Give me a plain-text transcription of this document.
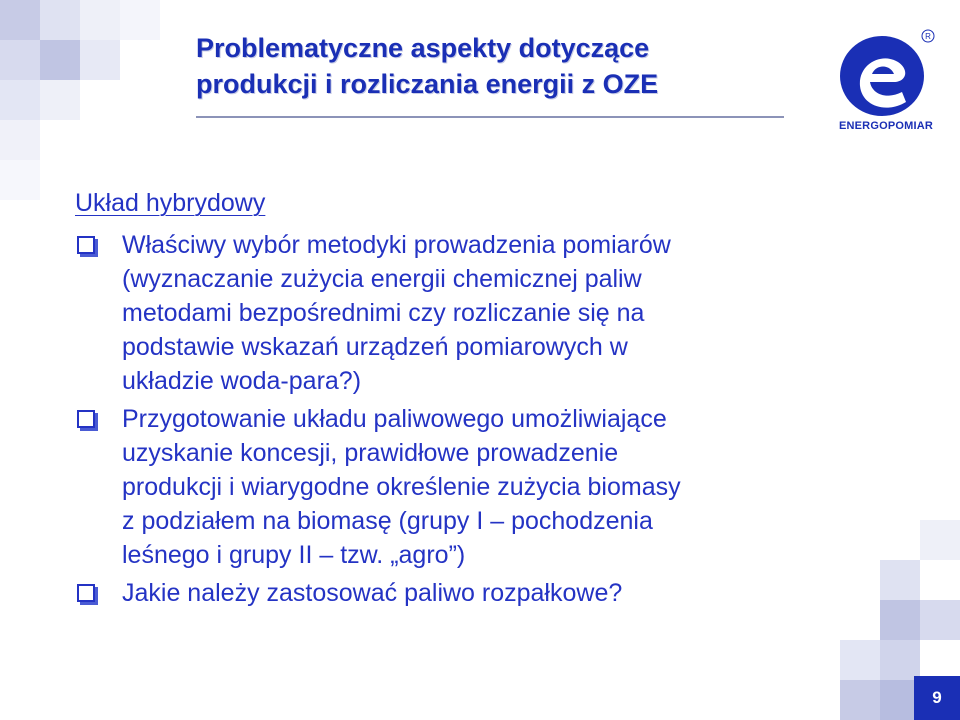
Problematyczne aspekty dotyczące
produkcji i rozliczania energii z OZE
R
ENERGOPOMIAR
Układ hybrydowy
Właściwy wybór metodyki prowadzenia pomiarów
(wyznaczanie zużycia energii chemicznej paliw
metodami bezpośrednimi czy rozliczanie się na
podstawie wskazań urządzeń pomiarowych w
układzie woda-para?)
Przygotowanie układu paliwowego umożliwiające
uzyskanie koncesji, prawidłowe prowadzenie
produkcji i wiarygodne określenie zużycia biomasy
z podziałem na biomasę (grupy I – pochodzenia
leśnego i grupy II – tzw. „agro”)
Jakie należy zastosować paliwo rozpałkowe?
9
